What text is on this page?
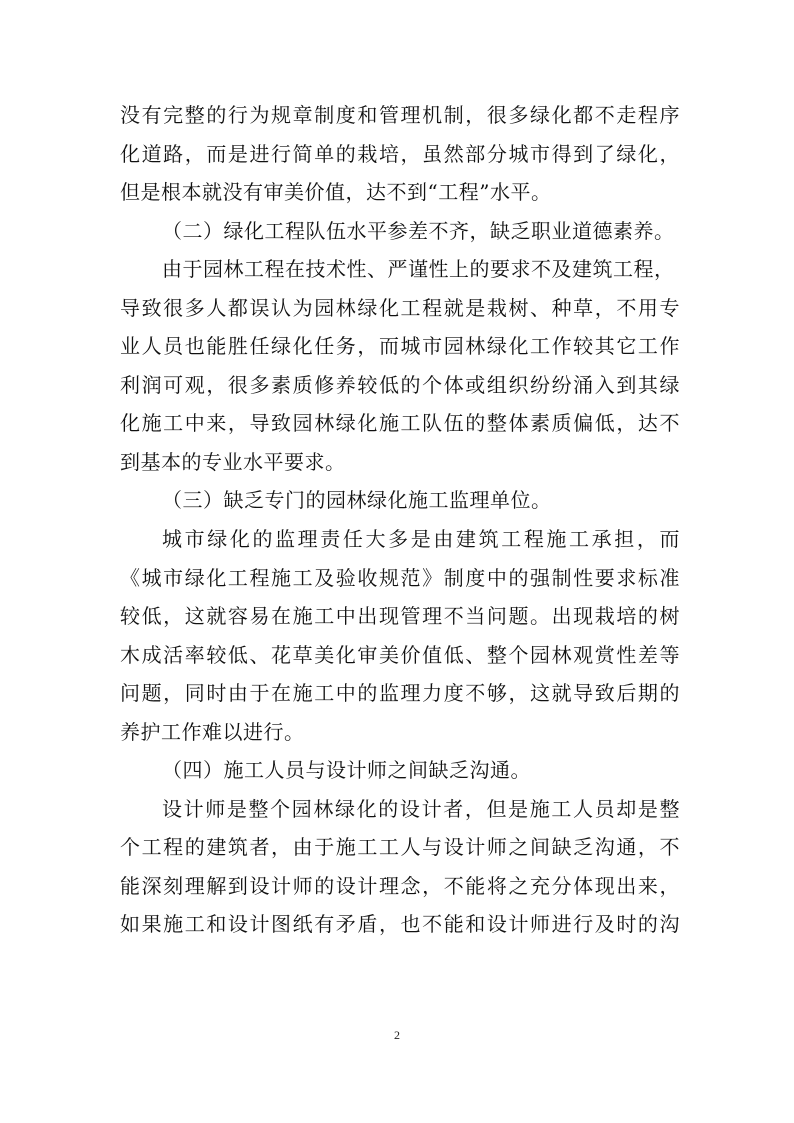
没有完整的行为规章制度和管理机制，很多绿化都不走程序
化道路，而是进行简单的栽培，虽然部分城市得到了绿化，
但是根本就没有审美价值，达不到“工程”水平。
（二）绿化工程队伍水平参差不齐，缺乏职业道德素养。
由于园林工程在技术性、严谨性上的要求不及建筑工程，
导致很多人都误认为园林绿化工程就是栽树、种草，不用专
业人员也能胜任绿化任务，而城市园林绿化工作较其它工作
利润可观，很多素质修养较低的个体或组织纷纷涌入到其绿
化施工中来，导致园林绿化施工队伍的整体素质偏低，达不
到基本的专业水平要求。
（三）缺乏专门的园林绿化施工监理单位。
城市绿化的监理责任大多是由建筑工程施工承担，而
《城市绿化工程施工及验收规范》制度中的强制性要求标准
较低，这就容易在施工中出现管理不当问题。出现栽培的树
木成活率较低、花草美化审美价值低、整个园林观赏性差等
问题，同时由于在施工中的监理力度不够，这就导致后期的
养护工作难以进行。
（四）施工人员与设计师之间缺乏沟通。
设计师是整个园林绿化的设计者，但是施工人员却是整
个工程的建筑者，由于施工工人与设计师之间缺乏沟通，不
能深刻理解到设计师的设计理念，不能将之充分体现出来，
如果施工和设计图纸有矛盾，也不能和设计师进行及时的沟
2
